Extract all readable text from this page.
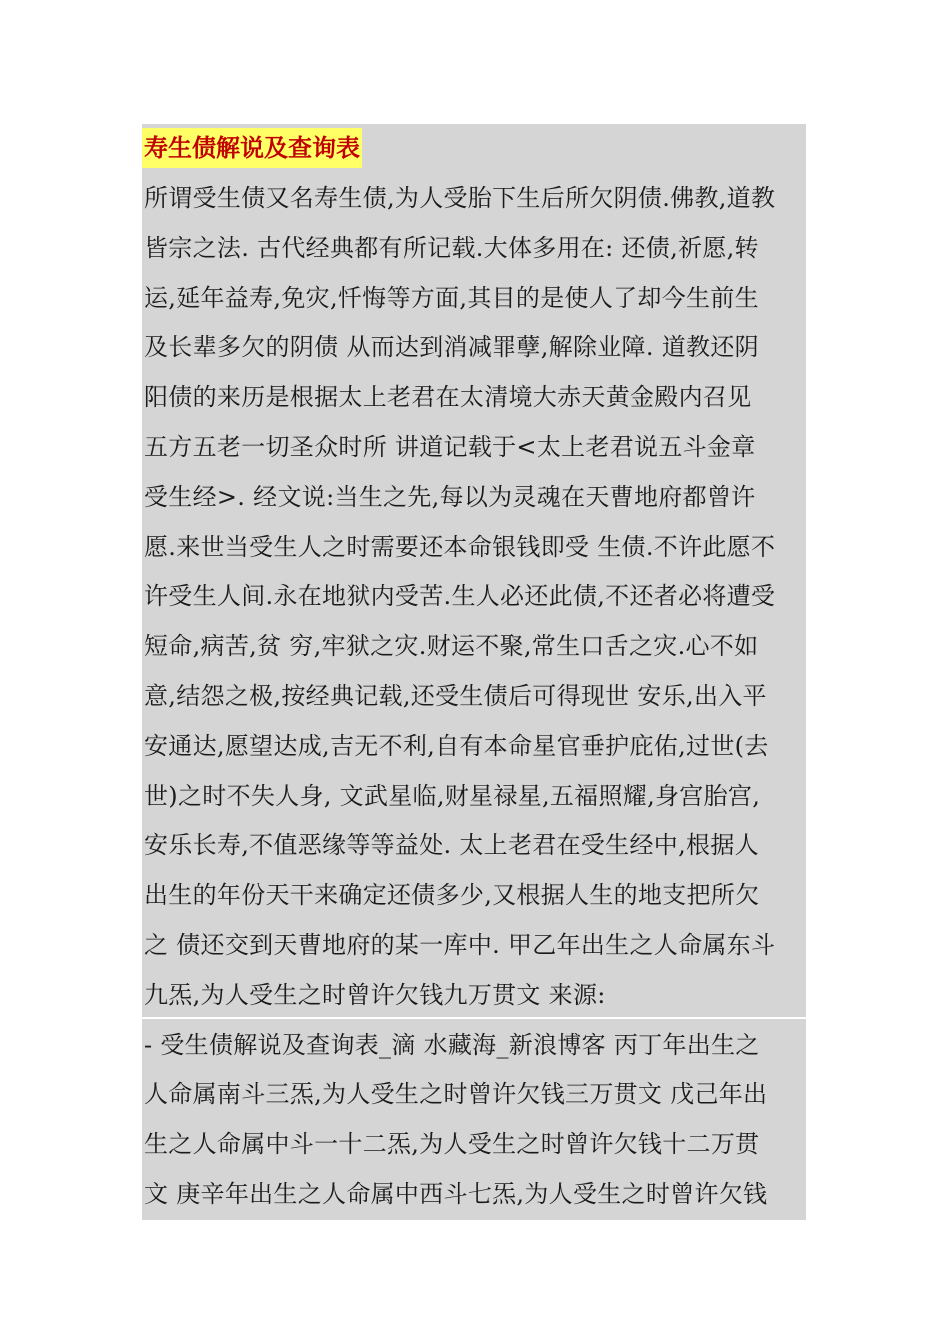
寿生债解说及查询表
所谓受生债又名寿生债,为人受胎下生后所欠阴债.佛教,道教
皆宗之法. 古代经典都有所记载.大体多用在: 还债,祈愿,转
运,延年益寿,免灾,忏悔等方面,其目的是使人了却今生前生
及长辈多欠的阴债 从而达到消减罪孽,解除业障. 道教还阴
阳债的来历是根据太上老君在太清境大赤天黄金殿内召见
五方五老一切圣众时所 讲道记载于<太上老君说五斗金章
受生经>. 经文说:当生之先,每以为灵魂在天曹地府都曾许
愿.来世当受生人之时需要还本命银钱即受 生债.不许此愿不
许受生人间.永在地狱内受苦.生人必还此债,不还者必将遭受
短命,病苦,贫 穷,牢狱之灾.财运不聚,常生口舌之灾.心不如
意,结怨之极,按经典记载,还受生债后可得现世 安乐,出入平
安通达,愿望达成,吉无不利,自有本命星官垂护庇佑,过世(去
世)之时不失人身, 文武星临,财星禄星,五福照耀,身宫胎宫,
安乐长寿,不值恶缘等等益处. 太上老君在受生经中,根据人
出生的年份天干来确定还债多少,又根据人生的地支把所欠
之 债还交到天曹地府的某一库中. 甲乙年出生之人命属东斗
九炁,为人受生之时曾许欠钱九万贯文 来源:
- 受生债解说及查询表_滴 水藏海_新浪博客 丙丁年出生之
人命属南斗三炁,为人受生之时曾许欠钱三万贯文 戊己年出
生之人命属中斗一十二炁,为人受生之时曾许欠钱十二万贯
文 庚辛年出生之人命属中西斗七炁,为人受生之时曾许欠钱
